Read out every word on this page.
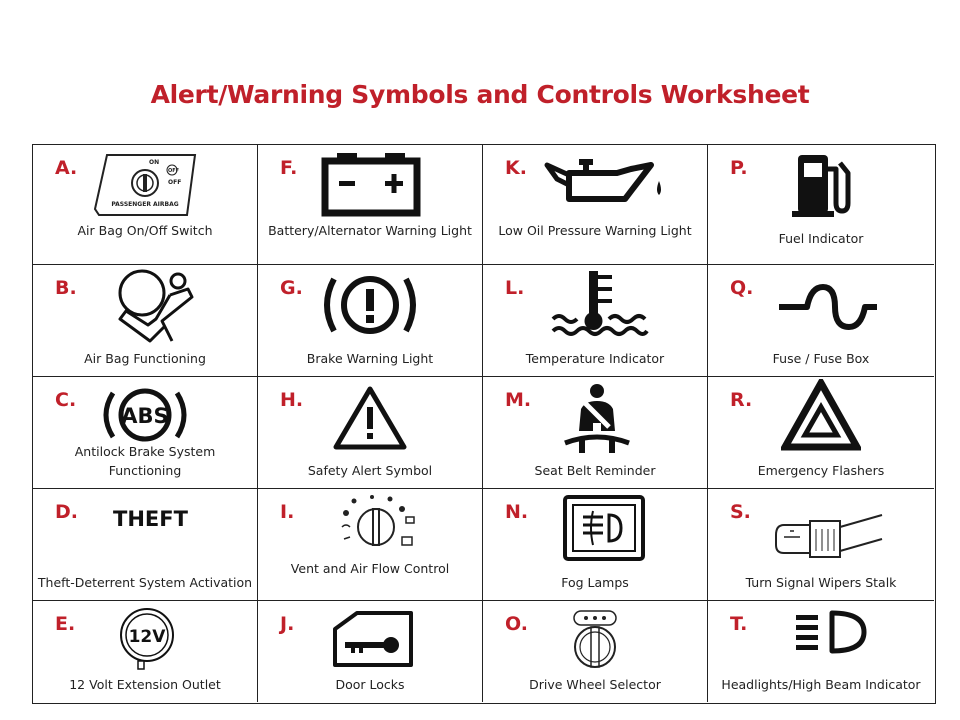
Alert/Warning Symbols and Controls Worksheet
A.	ON
OFF
OFF
PASSENGER AIRBAG
Air Bag On/Off Switch
F.
Battery/Alternator Warning Light
K.
Low Oil Pressure Warning Light
P.
Fuel Indicator
B.
Air Bag Functioning
G.
Brake Warning Light
L.
Temperature Indicator
Q.
Fuse / Fuse Box
C.
ABS
Antilock Brake System Functioning
H.
Safety Alert Symbol
M.
Seat Belt Reminder
R.
Emergency Flashers
D. THEFT
Theft-Deterrent System Activation
I.
Vent and Air Flow Control
N.
Fog Lamps
S.
Turn Signal Wipers Stalk
E.
12V
12 Volt Extension Outlet
J.
Door Locks
O.
Drive Wheel Selector
T.
Headlights/High Beam Indicator
